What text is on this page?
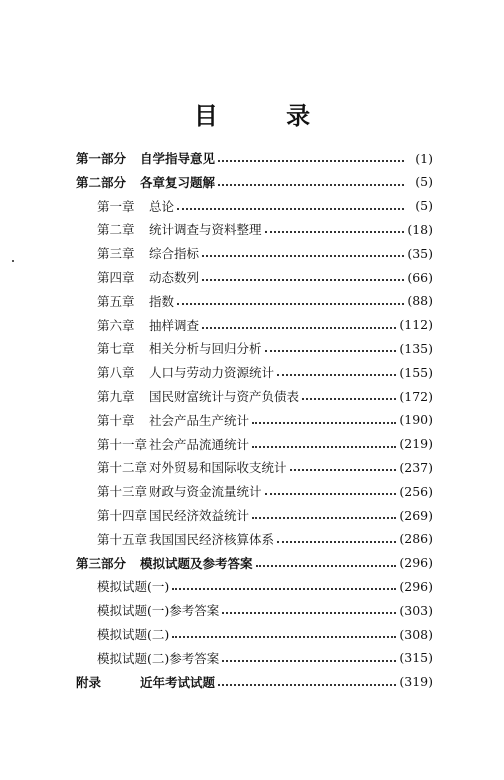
目 录
第一部分	自学指导意见	(1)
第二部分	各章复习题解	(5)
第一章	总论	(5)
第二章	统计调查与资料整理	(18)
第三章	综合指标	(35)
第四章	动态数列	(66)
第五章	指数	(88)
第六章	抽样调查	(112)
第七章	相关分析与回归分析	(135)
第八章	人口与劳动力资源统计	(155)
第九章	国民财富统计与资产负债表	(172)
第十章	社会产品生产统计	(190)
第十一章 社会产品流通统计	(219)
第十二章 对外贸易和国际收支统计	(237)
第十三章 财政与资金流量统计	(256)
第十四章 国民经济效益统计	(269)
第十五章 我国国民经济核算体系	(286)
第三部分	模拟试题及参考答案	(296)
模拟试题(一)	(296)
模拟试题(一)参考答案	(303)
模拟试题(二)	(308)
模拟试题(二)参考答案	(315)
附录	近年考试试题	(319)
